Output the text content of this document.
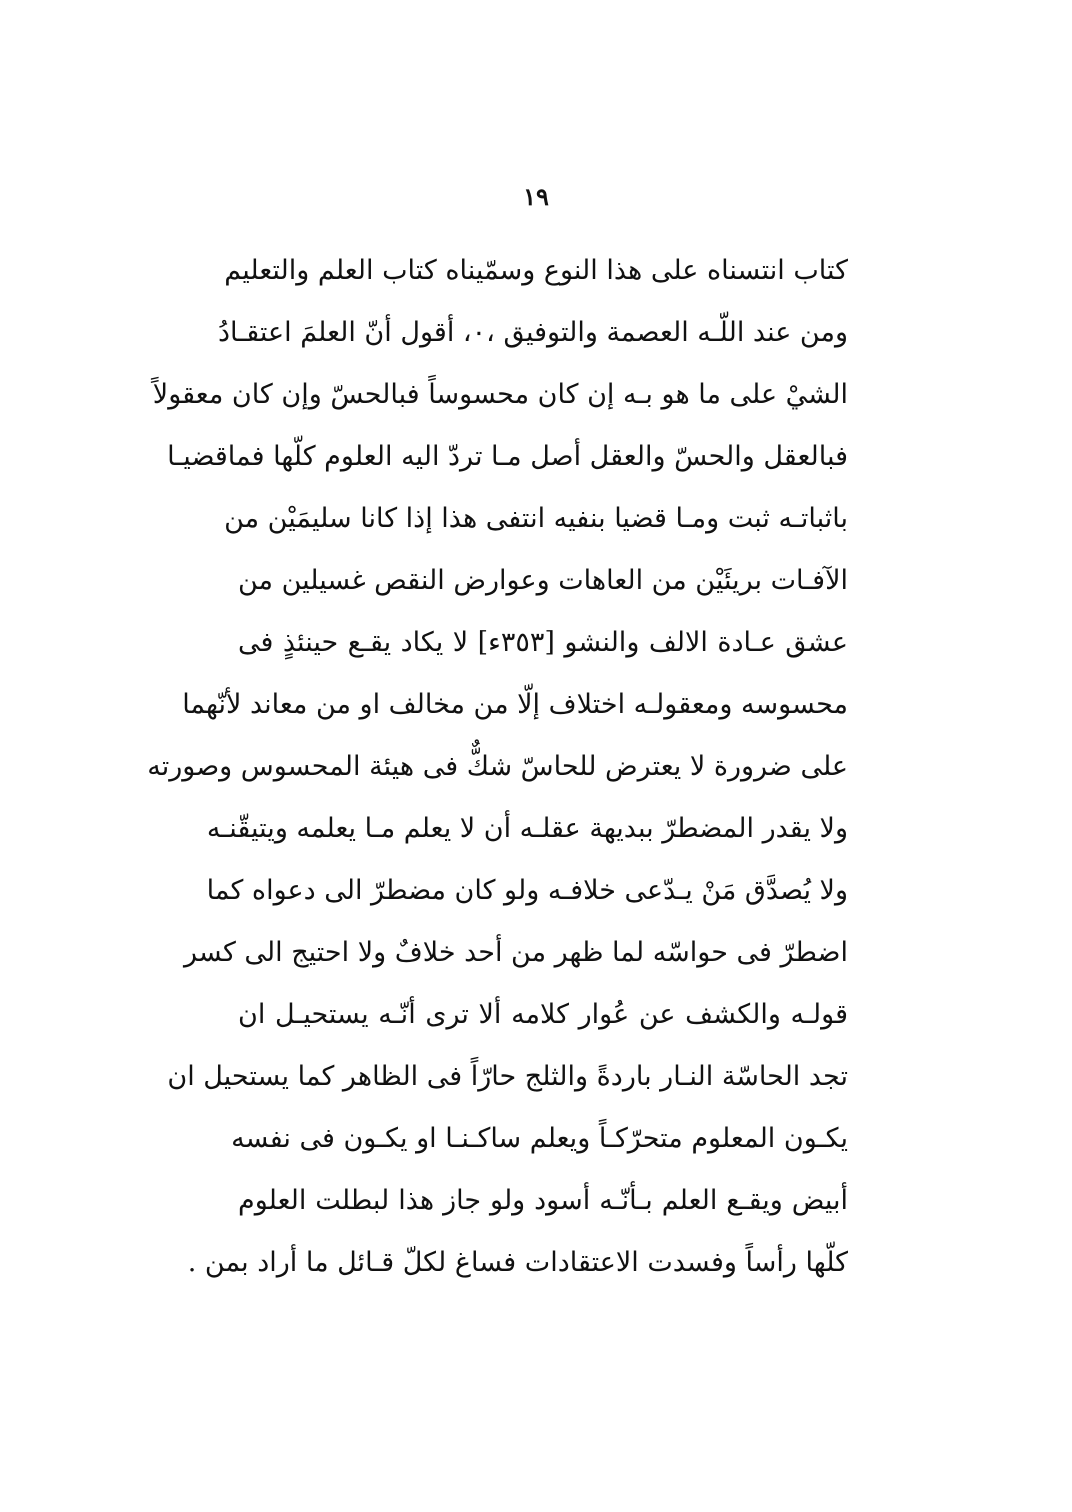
١٩
كتاب انتسناه على هذا النوع وسمّيناه كتاب العلم والتعليم
ومن عند اللّـه العصمة والتوفيق ،٠، أقول أنّ العلمَ اعتقـادُ
الشيْ على ما هو بـه إن كان محسوساً فبالحسّ وإن كان معقولاً
فبالعقل والحسّ والعقل أصل مـا تردّ اليه العلوم كلّها فماقضيـا
باثباتـه ثبت ومـا قضيا بنفيه انتفى هذا إذا كانا سليمَيْن من
الآفـات بريئَيْن من العاهات وعوارض النقص غسيلين من
عشق عـادة الالف والنشو [٣٥٣ء] لا يكاد يقـع حينئذٍ فى
محسوسه ومعقولـه اختلاف إلّا من مخالف او من معاند لأنّهما
على ضرورة لا يعترض للحاسّ شكٌّ فى هيئة المحسوس وصورته
ولا يقدر المضطرّ ببديهة عقلـه أن لا يعلم مـا يعلمه ويتيقّنـه
ولا يُصدَّق مَنْ يـدّعى خلافـه ولو كان مضطرّ الى دعواه كما
اضطرّ فى حواسّه لما ظهر من أحد خلافٌ ولا احتيج الى كسر
قولـه والكشف عن عُوار كلامه ألا ترى أنّـه يستحيـل ان
تجد الحاسّة النـار باردةً والثلج حارّاً فى الظاهر كما يستحيل ان
يكـون المعلوم متحرّكـاً ويعلم ساكـنـا او يكـون فى نفسه
أبيض ويقـع العلم بـأنّـه أسود ولو جاز هذا لبطلت العلوم
كلّها رأساً وفسدت الاعتقادات فساغ لكلّ قـائل ما أراد بمن .
